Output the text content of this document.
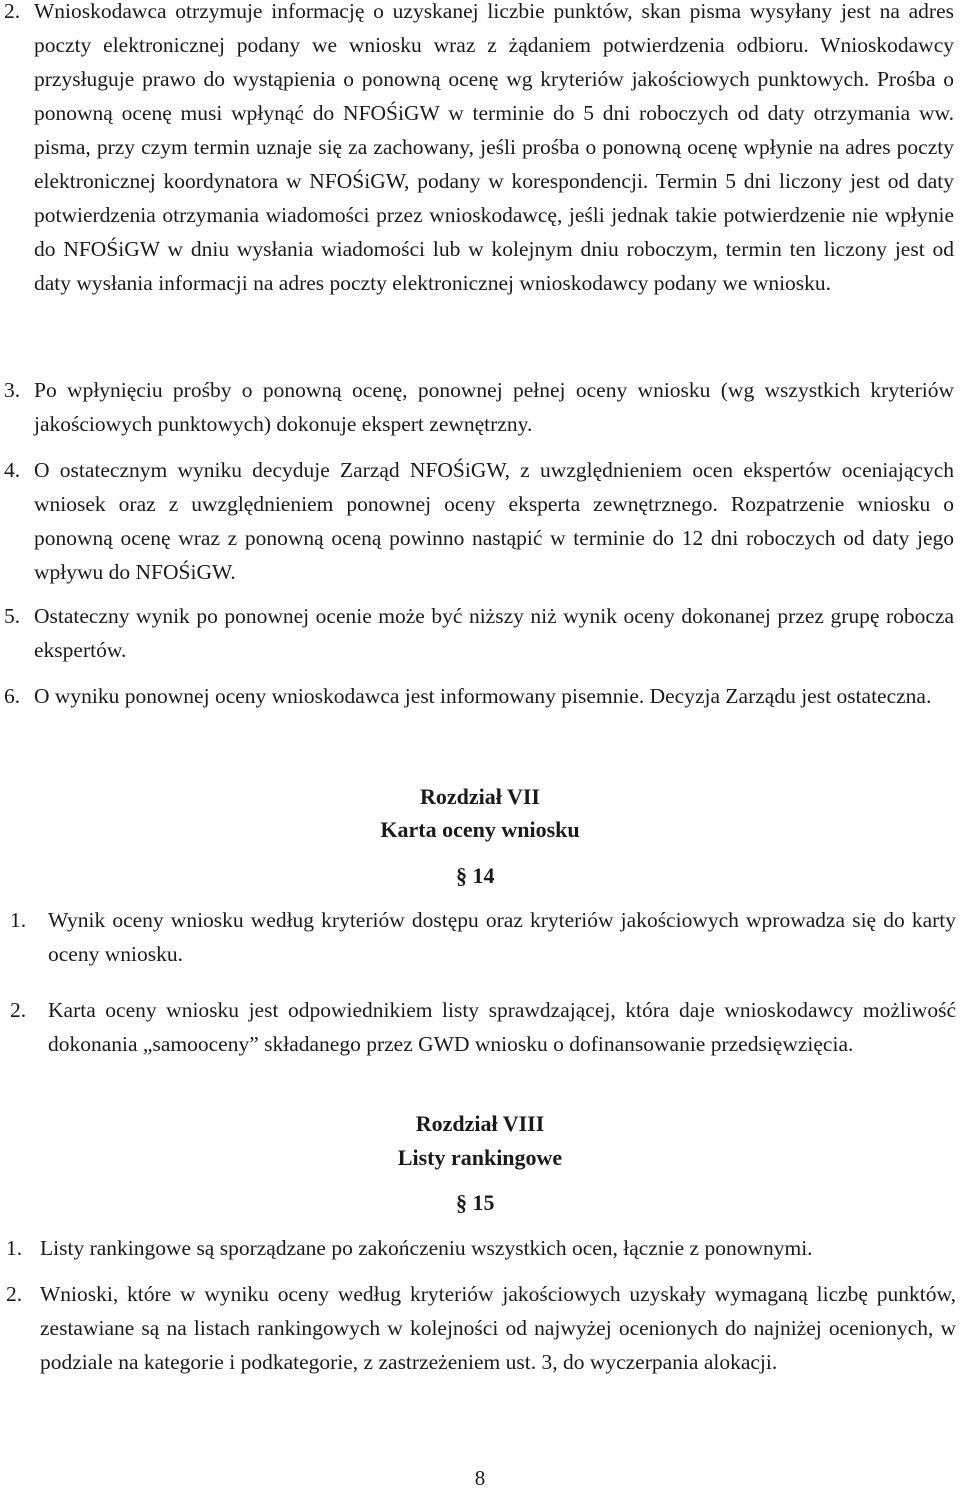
2. Wnioskodawca otrzymuje informację o uzyskanej liczbie punktów, skan pisma wysyłany jest na adres poczty elektronicznej podany we wniosku wraz z żądaniem potwierdzenia odbioru. Wnioskodawcy przysługuje prawo do wystąpienia o ponowną ocenę wg kryteriów jakościowych punktowych. Prośba o ponowną ocenę musi wpłynąć do NFOŚiGW w terminie do 5 dni roboczych od daty otrzymania ww. pisma, przy czym termin uznaje się za zachowany, jeśli prośba o ponowną ocenę wpłynie na adres poczty elektronicznej koordynatora w NFOŚiGW, podany w korespondencji. Termin 5 dni liczony jest od daty potwierdzenia otrzymania wiadomości przez wnioskodawcę, jeśli jednak takie potwierdzenie nie wpłynie do NFOŚiGW w dniu wysłania wiadomości lub w kolejnym dniu roboczym, termin ten liczony jest od daty wysłania informacji na adres poczty elektronicznej wnioskodawcy podany we wniosku.
3. Po wpłynięciu prośby o ponowną ocenę, ponownej pełnej oceny wniosku (wg wszystkich kryteriów jakościowych punktowych) dokonuje ekspert zewnętrzny.
4. O ostatecznym wyniku decyduje Zarząd NFOŚiGW, z uwzględnieniem ocen ekspertów oceniających wniosek oraz z uwzględnieniem ponownej oceny eksperta zewnętrznego. Rozpatrzenie wniosku o ponowną ocenę wraz z ponowną oceną powinno nastąpić w terminie do 12 dni roboczych od daty jego wpływu do NFOŚiGW.
5. Ostateczny wynik po ponownej ocenie może być niższy niż wynik oceny dokonanej przez grupę robocza ekspertów.
6. O wyniku ponownej oceny wnioskodawca jest informowany pisemnie. Decyzja Zarządu jest ostateczna.
Rozdział VII
Karta oceny wniosku
§ 14
1. Wynik oceny wniosku według kryteriów dostępu oraz kryteriów jakościowych wprowadza się do karty oceny wniosku.
2. Karta oceny wniosku jest odpowiednikiem listy sprawdzającej, która daje wnioskodawcy możliwość dokonania „samooceny” składanego przez GWD wniosku o dofinansowanie przedsięwzięcia.
Rozdział VIII
Listy rankingowe
§ 15
1. Listy rankingowe są sporządzane po zakończeniu wszystkich ocen, łącznie z ponownymi.
2. Wnioski, które w wyniku oceny według kryteriów jakościowych uzyskały wymaganą liczbę punktów, zestawiane są na listach rankingowych w kolejności od najwyżej ocenionych do najniżej ocenionych, w podziale na kategorie i podkategorie, z zastrzeżeniem ust. 3, do wyczerpania alokacji.
8
